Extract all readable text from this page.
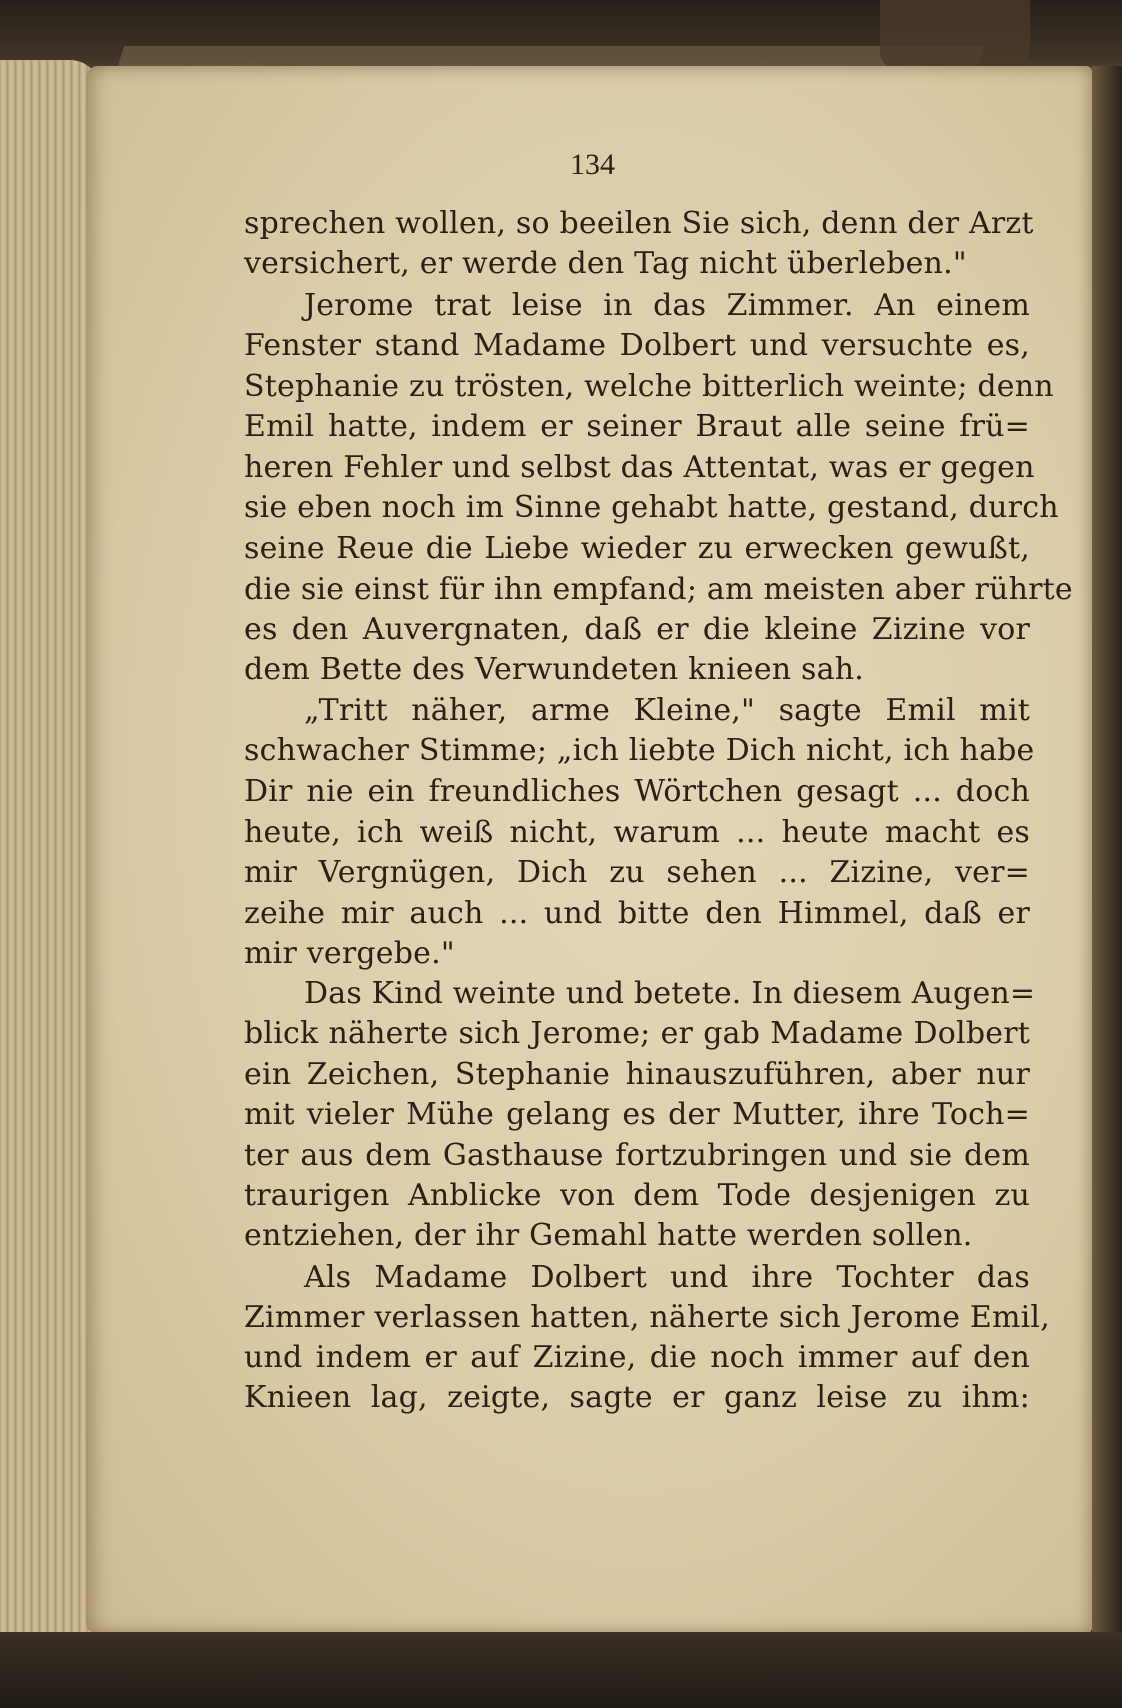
134
sprechen wollen, so beeilen Sie sich, denn der Arzt
versichert, er werde den Tag nicht überleben."
Jerome trat leise in das Zimmer. An einem
Fenster stand Madame Dolbert und versuchte es,
Stephanie zu trösten, welche bitterlich weinte; denn
Emil hatte, indem er seiner Braut alle seine frü=
heren Fehler und selbst das Attentat, was er gegen
sie eben noch im Sinne gehabt hatte, gestand, durch
seine Reue die Liebe wieder zu erwecken gewußt,
die sie einst für ihn empfand; am meisten aber rührte
es den Auvergnaten, daß er die kleine Zizine vor
dem Bette des Verwundeten knieen sah.
„Tritt näher, arme Kleine," sagte Emil mit
schwacher Stimme; „ich liebte Dich nicht, ich habe
Dir nie ein freundliches Wörtchen gesagt ... doch
heute, ich weiß nicht, warum ... heute macht es
mir Vergnügen, Dich zu sehen ... Zizine, ver=
zeihe mir auch ... und bitte den Himmel, daß er
mir vergebe."
Das Kind weinte und betete. In diesem Augen=
blick näherte sich Jerome; er gab Madame Dolbert
ein Zeichen, Stephanie hinauszuführen, aber nur
mit vieler Mühe gelang es der Mutter, ihre Toch=
ter aus dem Gasthause fortzubringen und sie dem
traurigen Anblicke von dem Tode desjenigen zu
entziehen, der ihr Gemahl hatte werden sollen.
Als Madame Dolbert und ihre Tochter das
Zimmer verlassen hatten, näherte sich Jerome Emil,
und indem er auf Zizine, die noch immer auf den
Knieen lag, zeigte, sagte er ganz leise zu ihm:
